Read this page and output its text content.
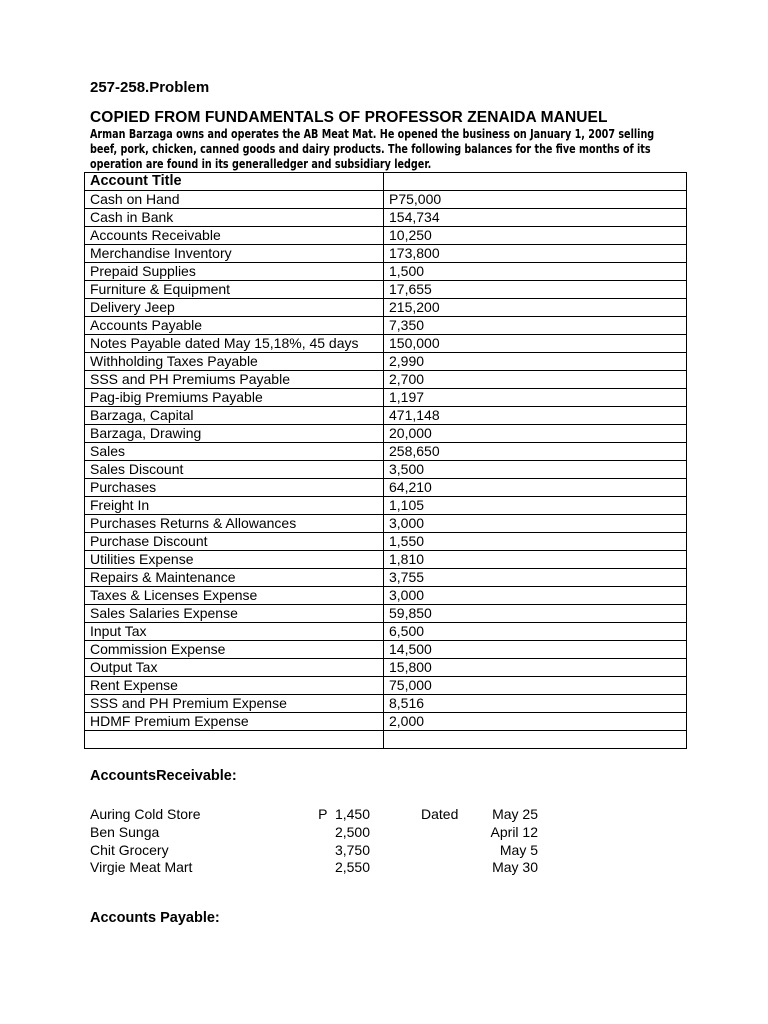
257-258.Problem
COPIED FROM FUNDAMENTALS OF PROFESSOR ZENAIDA MANUEL
Arman Barzaga owns and operates the AB Meat Mat. He opened the business on January 1, 2007 selling
beef, pork, chicken, canned goods and dairy products. The following balances for the five months of its
operation are found in its generalledger and subsidiary ledger.
Account Title	
Cash on Hand	P75,000
Cash in Bank	154,734
Accounts Receivable	10,250
Merchandise Inventory	173,800
Prepaid Supplies	1,500
Furniture & Equipment	17,655
Delivery Jeep	215,200
Accounts Payable	7,350
Notes Payable dated May 15,18%, 45 days	150,000
Withholding Taxes Payable	2,990
SSS and PH Premiums Payable	2,700
Pag-ibig Premiums Payable	1,197
Barzaga, Capital	471,148
Barzaga, Drawing	20,000
Sales	258,650
Sales Discount	3,500
Purchases	64,210
Freight In	1,105
Purchases Returns & Allowances	3,000
Purchase Discount	1,550
Utilities Expense	1,810
Repairs & Maintenance	3,755
Taxes & Licenses Expense	3,000
Sales Salaries Expense	59,850
Input Tax	6,500
Commission Expense	14,500
Output Tax	15,800
Rent Expense	75,000
SSS and PH Premium Expense	8,516
HDMF Premium Expense	2,000

AccountsReceivable:
Auring Cold Store	P  1,450	Dated May 25
Ben Sunga	2,500	April 12
Chit Grocery	3,750	May 5
Virgie Meat Mart	2,550	May 30
Accounts Payable:
